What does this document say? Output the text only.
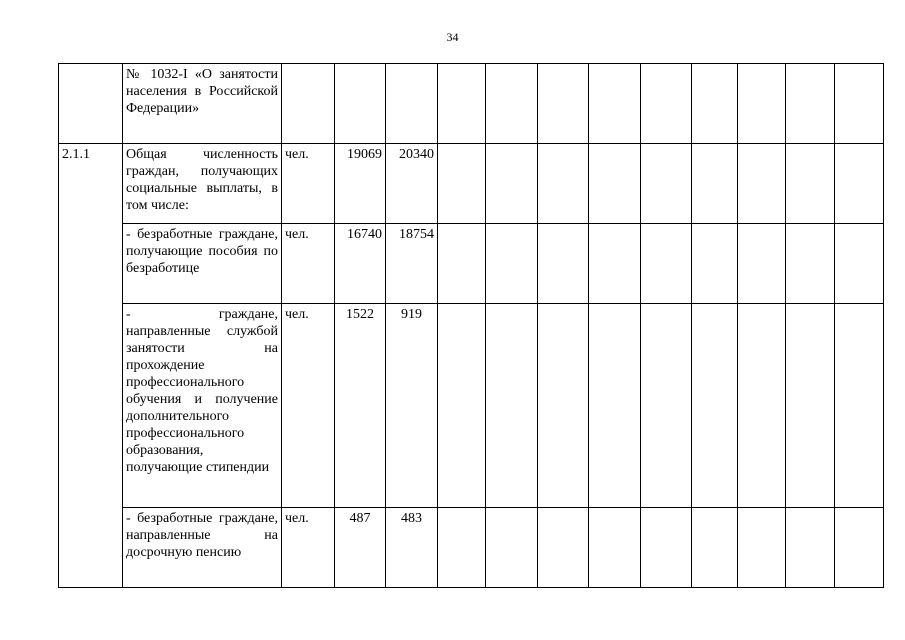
34
	№ 1032-I «О занятости населения в Российской Федерации»												
2.1.1	Общая численность граждан, получающих социальные выплаты, в том числе:	чел.	19069	20340									
	- безработные граждане, получающие пособия по безработице	чел.	16740	18754									
	- граждане, направленные службой занятости на прохождение профессионального обучения и получение дополнительного профессионального образования, получающие стипендии	чел.	1522	919									
	- безработные граждане, направленные на досрочную пенсию	чел.	487	483									
